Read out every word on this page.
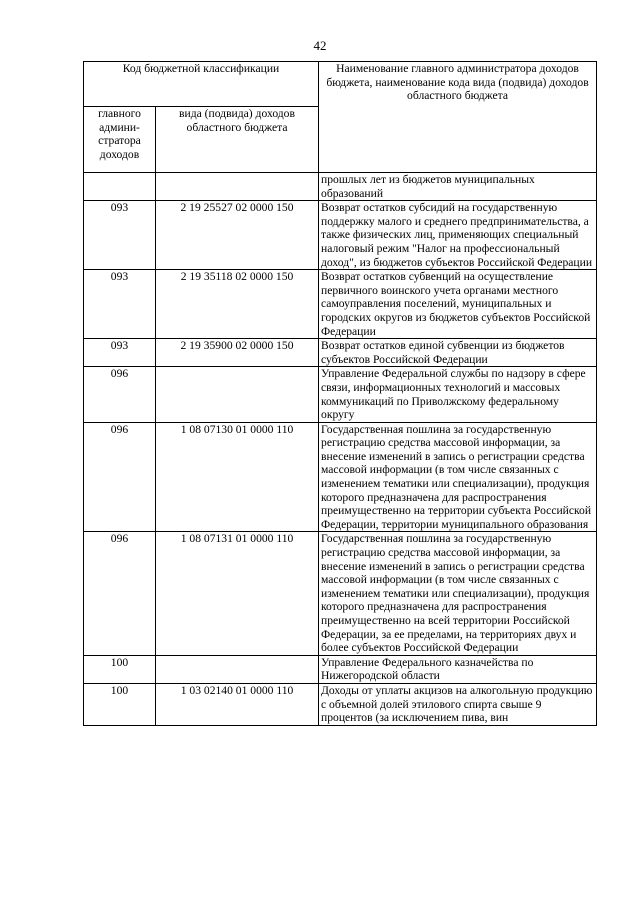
42
Код бюджетной классификации		Наименование главного администратора доходов бюджета, наименование кода вида (подвида) доходов областного бюджета
главного админи-стратора доходов	вида (подвида) доходов областного бюджета	
		прошлых лет из бюджетов муниципальных образований
093	2 19 25527 02 0000 150	Возврат остатков субсидий на государственную поддержку малого и среднего предпринимательства, а также физических лиц, применяющих специальный налоговый режим "Налог на профессиональный доход", из бюджетов субъектов Российской Федерации
093	2 19 35118 02 0000 150	Возврат остатков субвенций на осуществление первичного воинского учета органами местного самоуправления поселений, муниципальных и городских округов из бюджетов субъектов Российской Федерации
093	2 19 35900 02 0000 150	Возврат остатков единой субвенции из бюджетов субъектов Российской Федерации
096		Управление Федеральной службы по надзору в сфере связи, информационных технологий и массовых коммуникаций по Приволжскому федеральному округу
096	1 08 07130 01 0000 110	Государственная пошлина за государственную регистрацию средства массовой информации, за внесение изменений в запись о регистрации средства массовой информации (в том числе связанных с изменением тематики или специализации), продукция которого предназначена для распространения преимущественно на территории субъекта Российской Федерации, территории муниципального образования
096	1 08 07131 01 0000 110	Государственная пошлина за государственную регистрацию средства массовой информации, за внесение изменений в запись о регистрации средства массовой информации (в том числе связанных с изменением тематики или специализации), продукция которого предназначена для распространения преимущественно на всей территории Российской Федерации, за ее пределами, на территориях двух и более субъектов Российской Федерации
100		Управление Федерального казначейства по Нижегородской области
100	1 03 02140 01 0000 110	Доходы от уплаты акцизов на алкогольную продукцию с объемной долей этилового спирта свыше 9 процентов (за исключением пива, вин
